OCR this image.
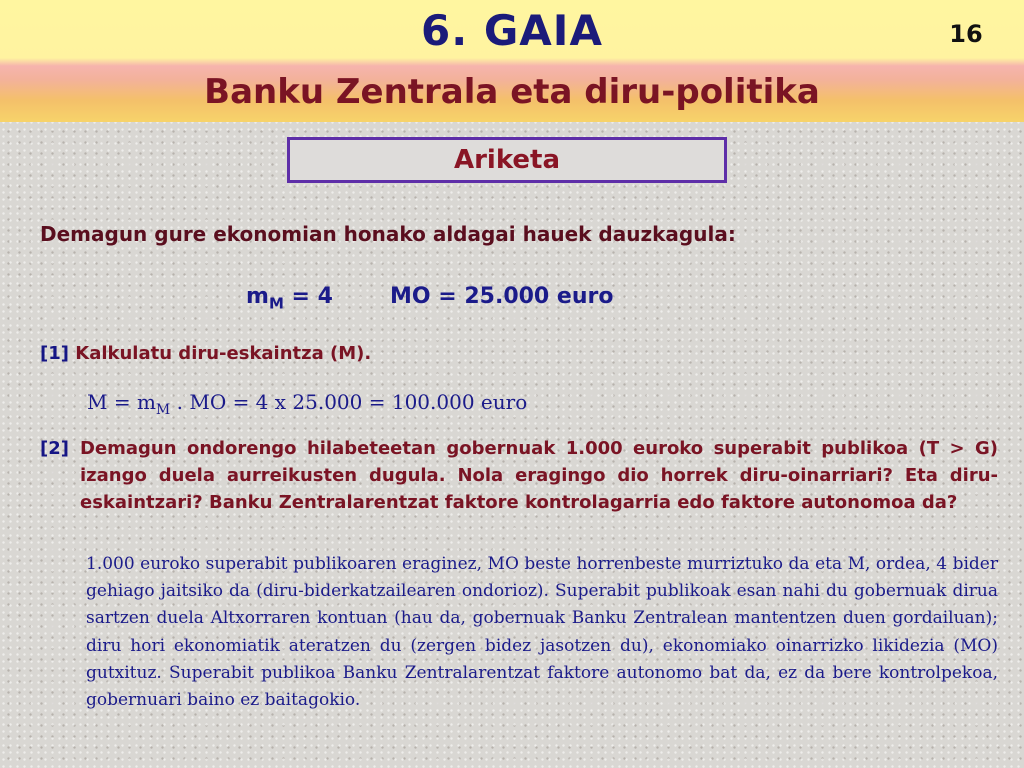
6. GAIA	16
Banku Zentrala eta diru-politika
Ariketa
Demagun gure ekonomian honako aldagai hauek dauzkagula:
$m_M = 4$	MO = 25.000 euro
[1] Kalkulatu diru-eskaintza (M).
$M = m_M$ . MO = 4 x 25.000 = 100.000 euro
[2] Demagun ondorengo hilabeteetan gobernuak 1.000 euroko superabit publikoa (T > G) izango duela aurreikusten dugula. Nola eragingo dio horrek diru-oinarriari? Eta diru-eskaintzari? Banku Zentralarentzat faktore kontrolagarria edo faktore autonomoa da?
1.000 euroko superabit publikoaren eraginez, MO beste horrenbeste murriztuko da eta M, ordea, 4 bider gehiago jaitsiko da (diru-biderkatzailearen ondorioz). Superabit publikoak esan nahi du gobernuak dirua sartzen duela Altxorraren kontuan (hau da, gobernuak Banku Zentralean mantentzen duen gordailuan); diru hori ekonomiatik ateratzen du (zergen bidez jasotzen du), ekonomiako oinarrizko likidezia (MO) gutxituz. Superabit publikoa Banku Zentralarentzat faktore autonomo bat da, ez da bere kontrolpekoa, gobernuari baino ez baitagokio.
